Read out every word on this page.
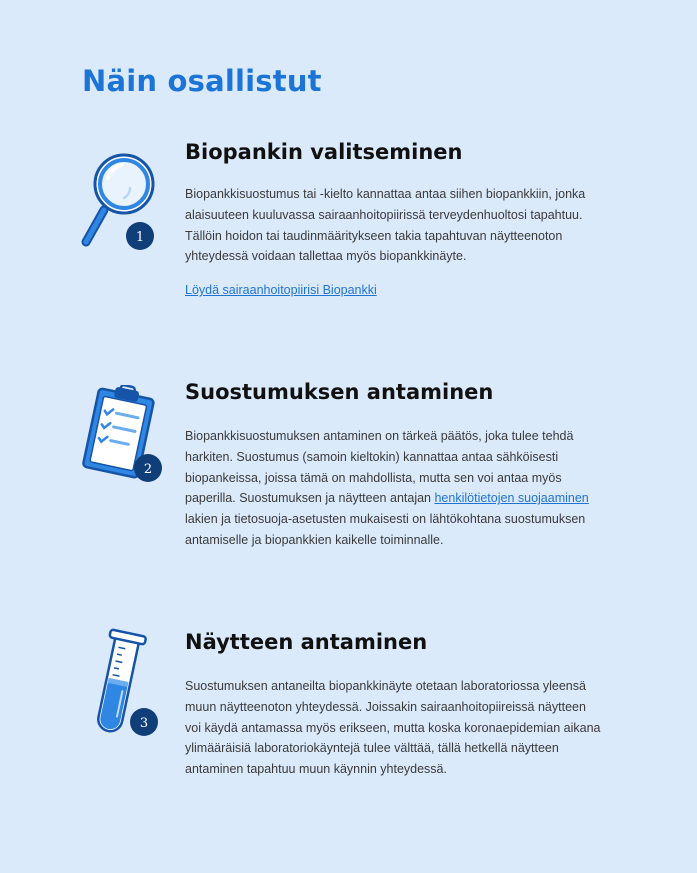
Näin osallistut
1
Biopankin valitseminen

Biopankkisuostumus tai -kielto kannattaa antaa siihen biopankkiin, jonka alaisuuteen kuuluvassa sairaanhoitopiirissä terveydenhuoltosi tapahtuu. Tällöin hoidon tai taudinmääritykseen takia tapahtuvan näytteenoton yhteydessä voidaan tallettaa myös biopankkinäyte.

Löydä sairaanhoitopiirisi Biopankki
2
Suostumuksen antaminen

Biopankkisuostumuksen antaminen on tärkeä päätös, joka tulee tehdä harkiten. Suostumus (samoin kieltokin) kannattaa antaa sähköisesti biopankeissa, joissa tämä on mahdollista, mutta sen voi antaa myös paperilla. Suostumuksen ja näytteen antajan henkilötietojen suojaaminen lakien ja tietosuoja-asetusten mukaisesti on lähtökohtana suostumuksen antamiselle ja biopankkien kaikelle toiminnalle.

3
Näytteen antaminen

Suostumuksen antaneilta biopankkinäyte otetaan laboratoriossa yleensä muun näytteenoton yhteydessä. Joissakin sairaanhoitopiireissä näytteen voi käydä antamassa myös erikseen, mutta koska koronaepidemian aikana ylimääräisiä laboratoriokäyntejä tulee välttää, tällä hetkellä näytteen antaminen tapahtuu muun käynnin yhteydessä.
